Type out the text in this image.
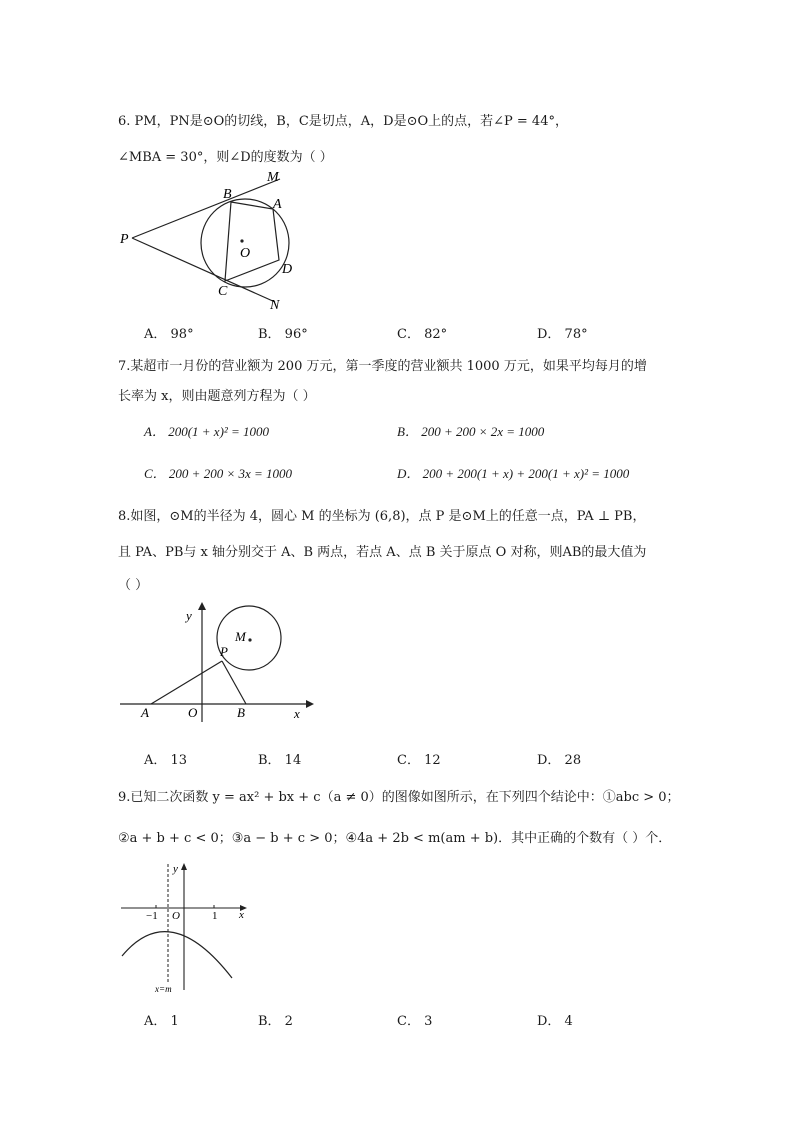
6. PM，PN是⊙O的切线，B，C是切点，A，D是⊙O上的点，若∠P = 44°，
∠MBA = 30°，则∠D的度数为（ ）
P
B
M
A
O
D
C
N
A． 98°	B． 96°	C． 82°	D． 78°
7.某超市一月份的营业额为 200 万元，第一季度的营业额共 1000 万元，如果平均每月的增
长率为 x，则由题意列方程为（ ）
A． 200(1 + x)² = 1000	B． 200 + 200 × 2x = 1000
C． 200 + 200 × 3x = 1000	D． 200 + 200(1 + x) + 200(1 + x)² = 1000
8.如图，⊙M的半径为 4，圆心 M 的坐标为 (6,8)，点 P 是⊙M上的任意一点，PA ⊥ PB，
且 PA、PB与 x 轴分别交于 A、B 两点，若点 A、点 B 关于原点 O 对称，则AB的最大值为
（ ）
y
M
P
A	O	B	x
A． 13	B． 14	C． 12	D． 28
9.已知二次函数 y = ax² + bx + c（a ≠ 0）的图像如图所示，在下列四个结论中：①abc > 0；
②a + b + c < 0；③a − b + c > 0；④4a + 2b < m(am + b)．其中正确的个数有（ ）个．
y
−1 O	1 x
x=m
A． 1	B． 2	C． 3	D． 4
